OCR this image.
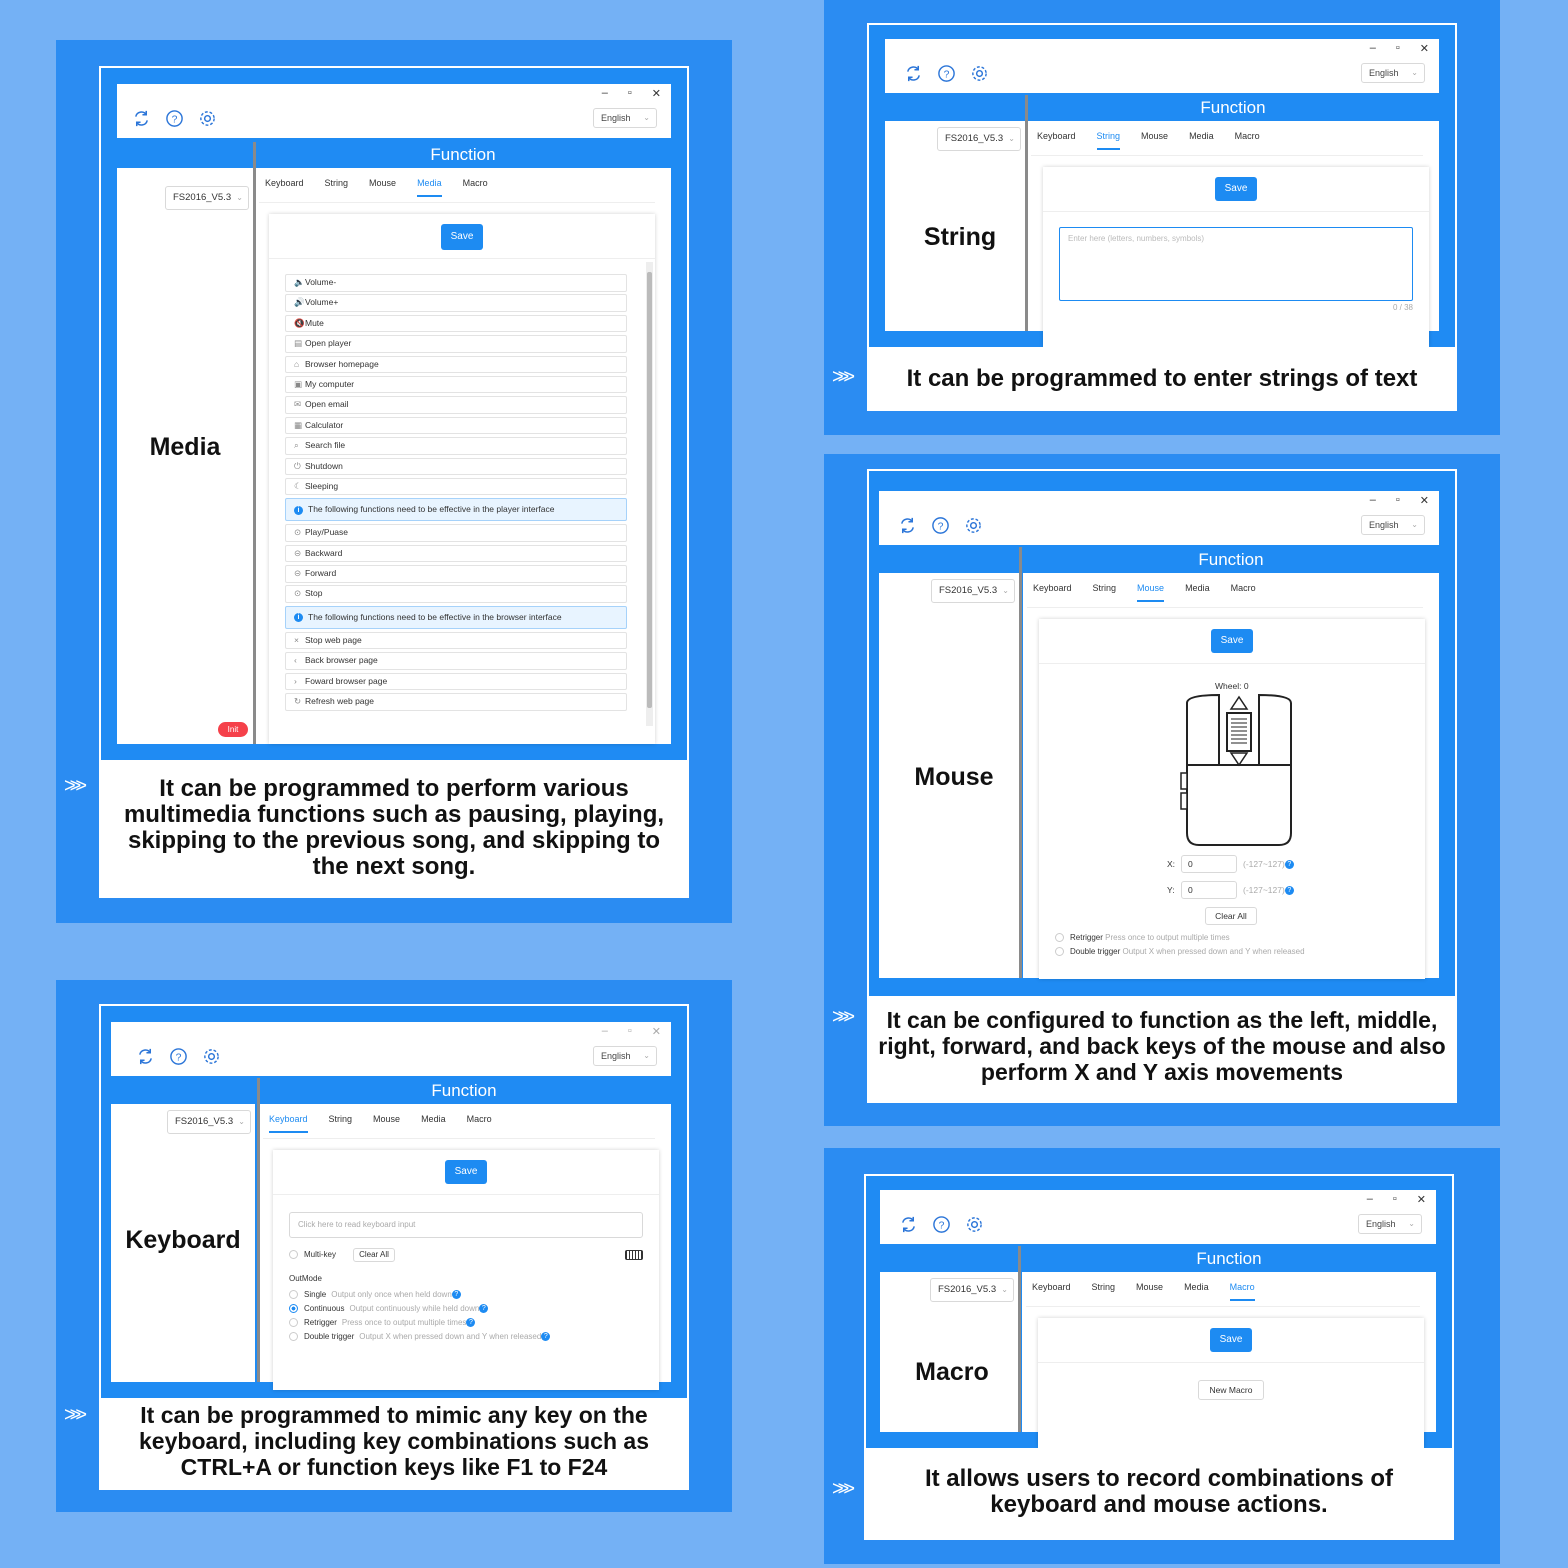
?
– ▫ ✕
English ⌄
Function
FS2016_V5.3 ⌄
Media
Init
Keyboard String Mouse Media Macro
Save
🔈Volume-
🔊Volume+
🔇Mute
▤ Open player
⌂ Browser homepage
▣ My computer
✉ Open email
▦ Calculator
⌕ Search file
⏻ Shutdown
☾ Sleeping
i The following functions need to be effective in the player interface
⊙ Play/Puase
⊝ Backward
⊝ Forward
⊙ Stop
i The following functions need to be effective in the browser interface
× Stop web page
‹ Back browser page
› Foward browser page
↻ Refresh web page
It can be programmed to perform various multimedia functions such as pausing, playing, skipping to the previous song, and skipping to the next song.
>>>
?
– ▫ ✕
English ⌄
Function
FS2016_V5.3 ⌄
String
Keyboard String Mouse Media Macro
Save
Enter here (letters, numbers, symbols)
0 / 38
It can be programmed to enter strings of text
>>>
?
– ▫ ✕
English ⌄
Function
FS2016_V5.3 ⌄
Mouse
Keyboard String Mouse Media Macro
Save
Wheel: 0
X:	0	(-127~127) ?
Y:	0	(-127~127) ?
Clear All
Retrigger Press once to output multiple times
Double trigger Output X when pressed down and Y when released
It can be configured to function as the left, middle, right, forward, and back keys of the mouse and also perform X and Y axis movements
>>>
?
– ▫ ✕
English ⌄
Function
FS2016_V5.3 ⌄
Keyboard
Keyboard String Mouse Media Macro
Save
Click here to read keyboard input
Multi-key	Clear All
OutMode
Single Output only once when held down ?
Continuous Output continuously while held down ?
Retrigger Press once to output multiple times ?
Double trigger Output X when pressed down and Y when released ?
It can be programmed to mimic any key on the keyboard, including key combinations such as CTRL+A or function keys like F1 to F24
>>>
?
– ▫ ✕
English ⌄
Function
FS2016_V5.3 ⌄
Macro
Keyboard String Mouse Media Macro
Save
New Macro
It allows users to record combinations of keyboard and mouse actions.
>>>
